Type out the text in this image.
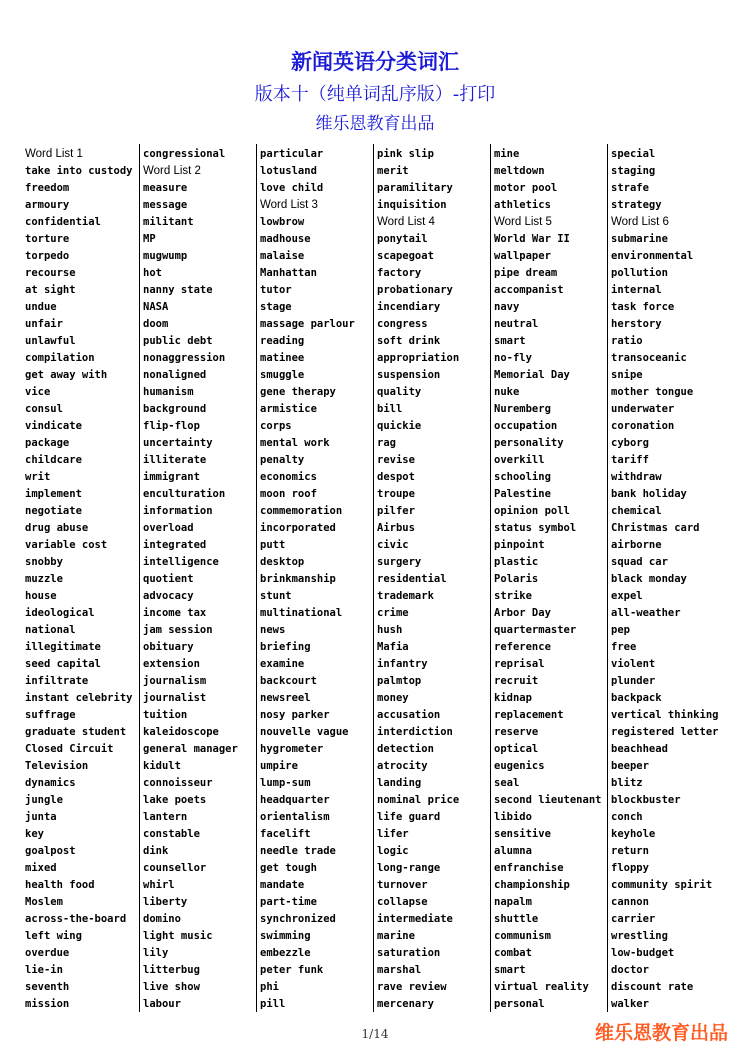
新闻英语分类词汇
版本十（纯单词乱序版）-打印
维乐恩教育出品
Word List 1
take into custody
freedom
armoury
confidential
torture
torpedo
recourse
at sight
undue
unfair
unlawful
compilation
get away with
vice
consul
vindicate
package
childcare
writ
implement
negotiate
drug abuse
variable cost
snobby
muzzle
house
ideological
national
illegitimate
seed capital
infiltrate
instant celebrity
suffrage
graduate student
Closed Circuit
Television
dynamics
jungle
junta
key
goalpost
mixed
health food
Moslem
across-the-board
left wing
overdue
lie-in
seventh
mission
congressional
Word List 2
measure
message
militant
MP
mugwump
hot
nanny state
NASA
doom
public debt
nonaggression
nonaligned
humanism
background
flip-flop
uncertainty
illiterate
immigrant
enculturation
information
overload
integrated
intelligence
quotient
advocacy
income tax
jam session
obituary
extension
journalism
journalist
tuition
kaleidoscope
general manager
kidult
connoisseur
lake poets
lantern
constable
dink
counsellor
whirl
liberty
domino
light music
lily
litterbug
live show
labour
particular
lotusland
love child
Word List 3
lowbrow
madhouse
malaise
Manhattan
tutor
stage
massage parlour
reading
matinee
smuggle
gene therapy
armistice
corps
mental work
penalty
economics
moon roof
commemoration
incorporated
putt
desktop
brinkmanship
stunt
multinational
news
briefing
examine
backcourt
newsreel
nosy parker
nouvelle vague
hygrometer
umpire
lump-sum
headquarter
orientalism
facelift
needle trade
get tough
mandate
part-time
synchronized
swimming
embezzle
peter funk
phi
pill
pink slip
merit
paramilitary
inquisition
Word List 4
ponytail
scapegoat
factory
probationary
incendiary
congress
soft drink
appropriation
suspension
quality
bill
quickie
rag
revise
despot
troupe
pilfer
Airbus
civic
surgery
residential
trademark
crime
hush
Mafia
infantry
palmtop
money
accusation
interdiction
detection
atrocity
landing
nominal price
life guard
lifer
logic
long-range
turnover
collapse
intermediate
marine
saturation
marshal
rave review
mercenary
mine
meltdown
motor pool
athletics
Word List 5
World War II
wallpaper
pipe dream
accompanist
navy
neutral
smart
no-fly
Memorial Day
nuke
Nuremberg
occupation
personality
overkill
schooling
Palestine
opinion poll
status symbol
pinpoint
plastic
Polaris
strike
Arbor Day
quartermaster
reference
reprisal
recruit
kidnap
replacement
reserve
optical
eugenics
seal
second lieutenant
libido
sensitive
alumna
enfranchise
championship
napalm
shuttle
communism
combat
smart
virtual reality
personal
special
staging
strafe
strategy
Word List 6
submarine
environmental
pollution
internal
task force
herstory
ratio
transoceanic
snipe
mother tongue
underwater
coronation
cyborg
tariff
withdraw
bank holiday
chemical
Christmas card
airborne
squad car
black monday
expel
all-weather
pep
free
violent
plunder
backpack
vertical thinking
registered letter
beachhead
beeper
blitz
blockbuster
conch
keyhole
return
floppy
community spirit
cannon
carrier
wrestling
low-budget
doctor
discount rate
walker
1/14	维乐恩教育出品
